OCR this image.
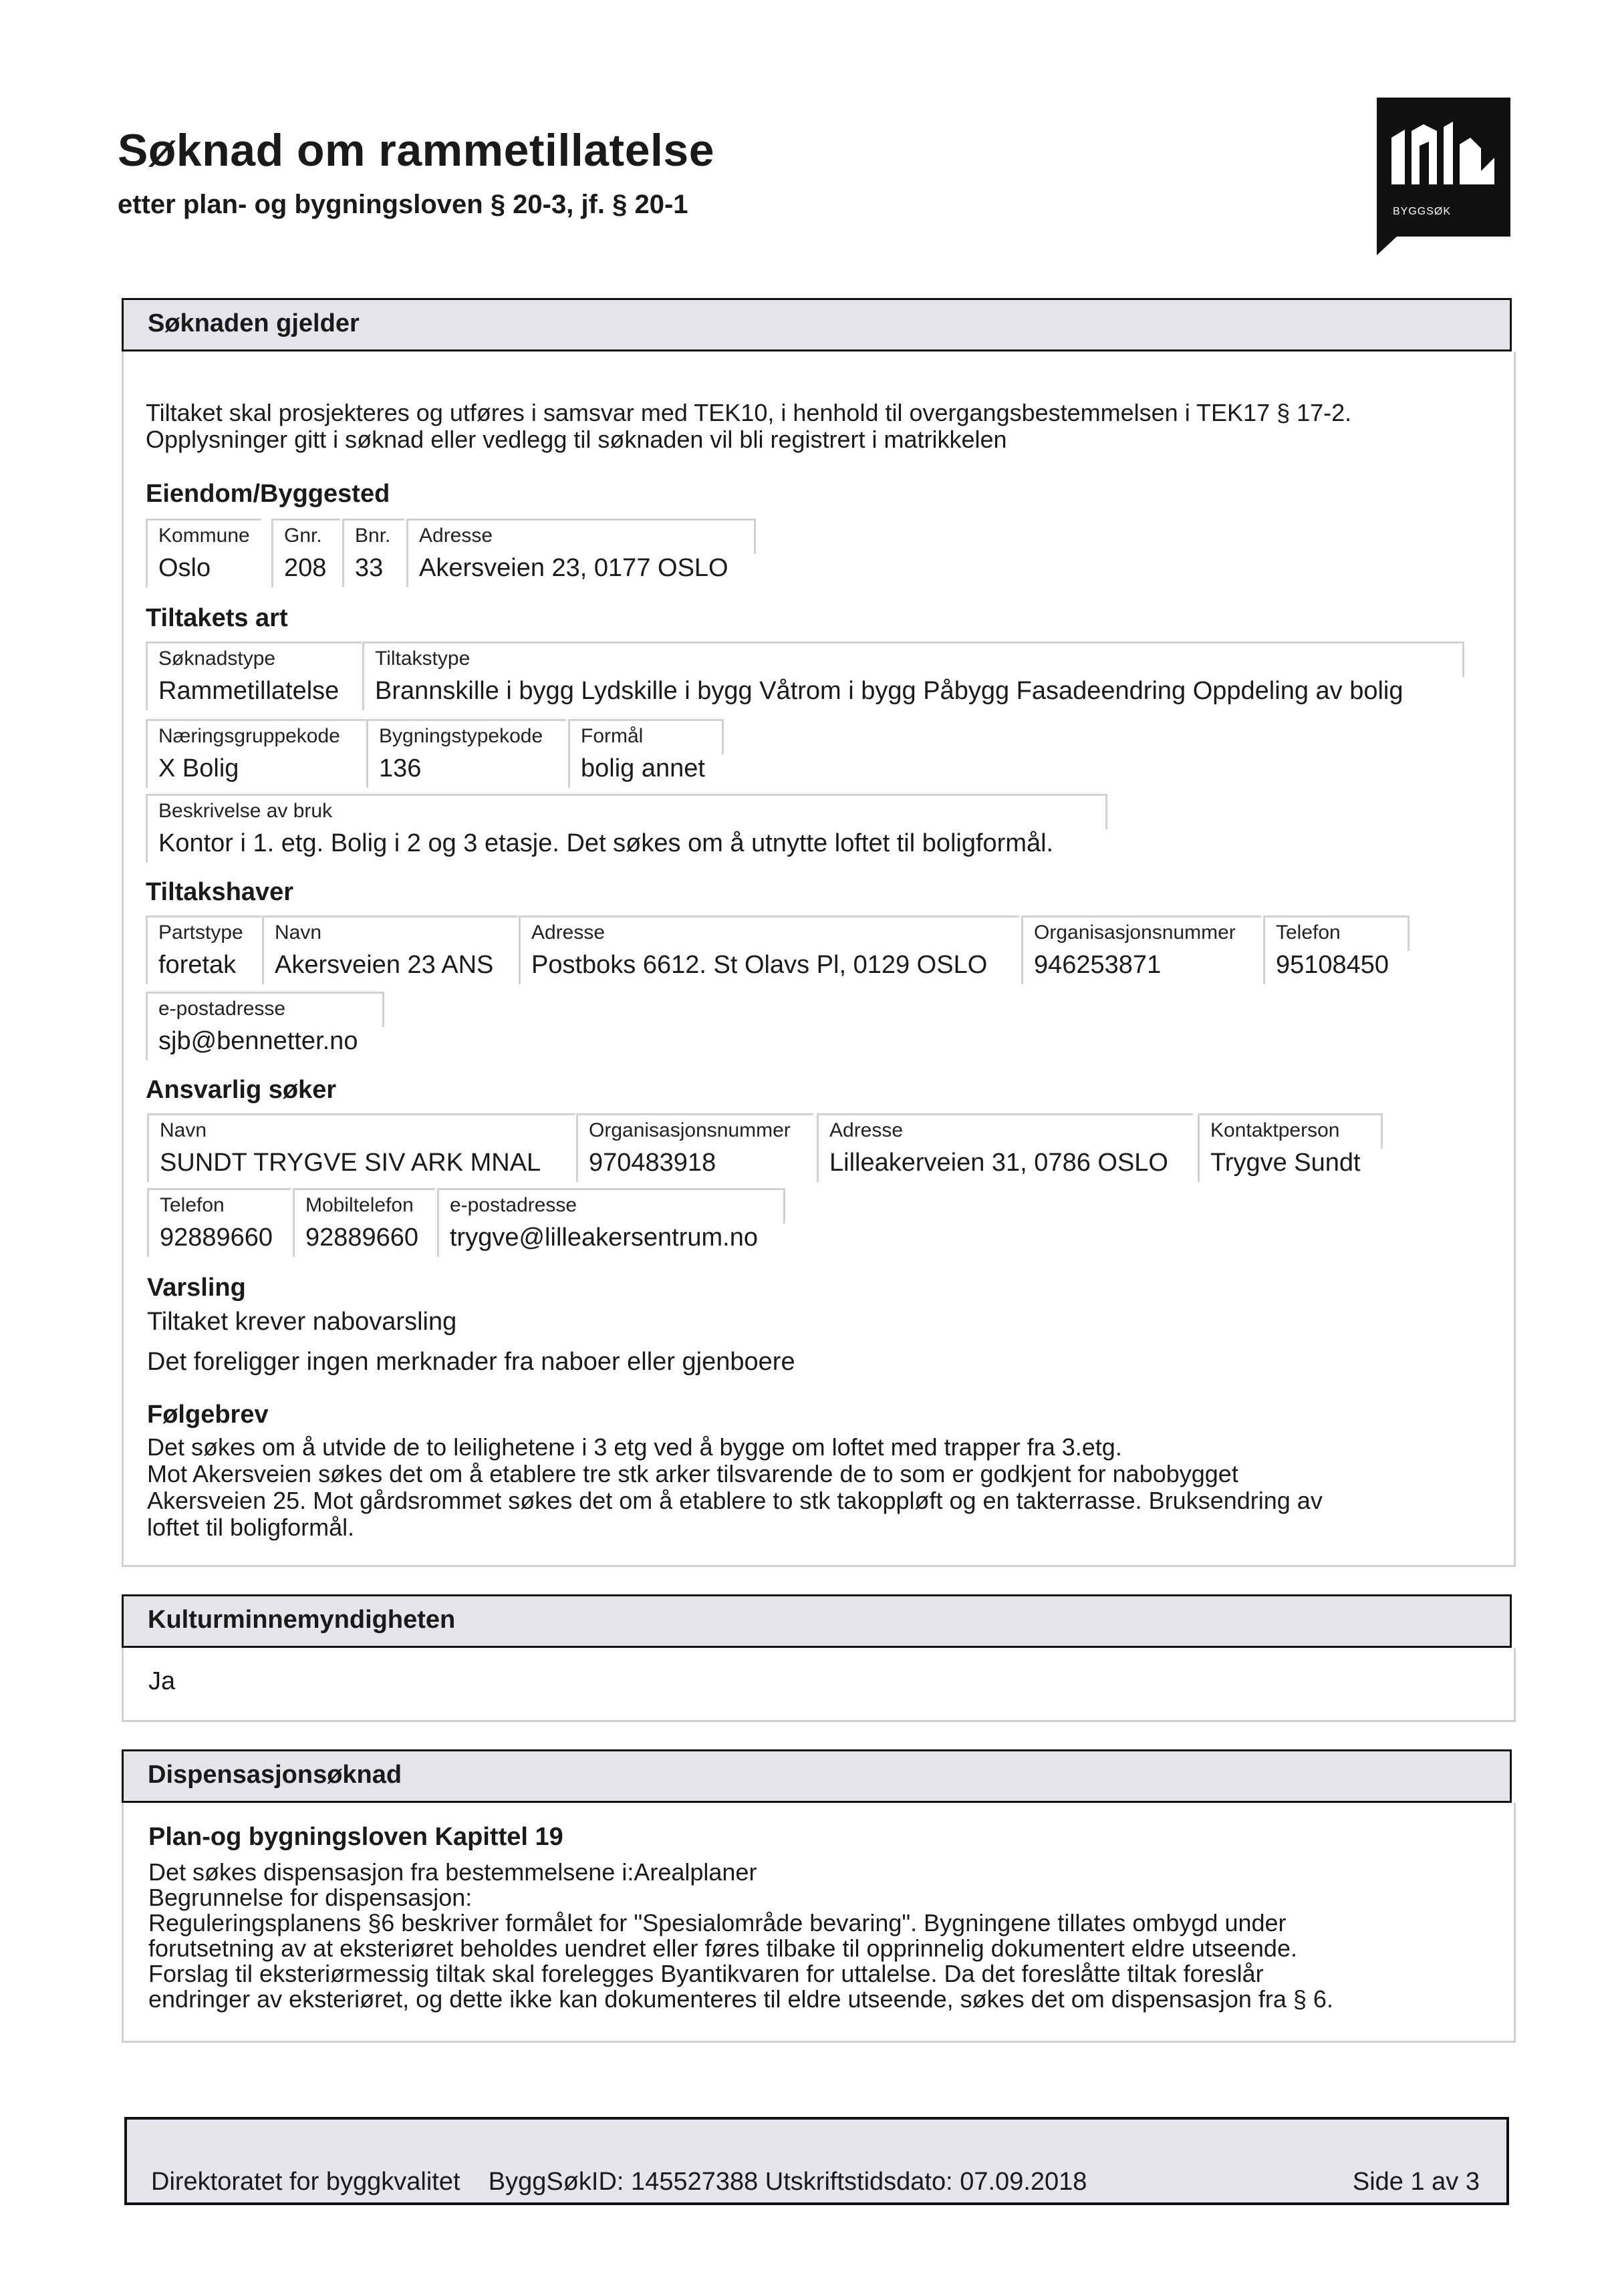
Søknad om rammetillatelse
etter plan- og bygningsloven § 20-3, jf. § 20-1	BYGGSØK
Søknaden gjelder
Tiltaket skal prosjekteres og utføres i samsvar med TEK10, i henhold til overgangsbestemmelsen i TEK17 § 17-2.
Opplysninger gitt i søknad eller vedlegg til søknaden vil bli registrert i matrikkelen
Eiendom/Byggested
Kommune
Oslo
Gnr.
208
Bnr.
33
Adresse
Akersveien 23, 0177 OSLO
Tiltakets art
Søknadstype
Rammetillatelse
Tiltakstype
Brannskille i bygg Lydskille i bygg Våtrom i bygg Påbygg Fasadeendring Oppdeling av bolig
Næringsgruppekode
X Bolig
Bygningstypekode
136
Formål
bolig annet
Beskrivelse av bruk
Kontor i 1. etg. Bolig i 2 og 3 etasje. Det søkes om å utnytte loftet til boligformål.
Tiltakshaver
Partstype
foretak
Navn
Akersveien 23 ANS
Adresse
Postboks 6612. St Olavs Pl, 0129 OSLO
Organisasjonsnummer
946253871
Telefon
95108450
e-postadresse
sjb@bennetter.no
Ansvarlig søker
Navn
SUNDT TRYGVE SIV ARK MNAL
Organisasjonsnummer
970483918
Adresse
Lilleakerveien 31, 0786 OSLO
Kontaktperson
Trygve Sundt
Telefon
92889660
Mobiltelefon
92889660
e-postadresse
trygve@lilleakersentrum.no
Varsling
Tiltaket krever nabovarsling
Det foreligger ingen merknader fra naboer eller gjenboere
Følgebrev
Det søkes om å utvide de to leilighetene i 3 etg ved å bygge om loftet med trapper fra 3.etg.
Mot Akersveien søkes det om å etablere tre stk arker tilsvarende de to som er godkjent for nabobygget
Akersveien 25. Mot gårdsrommet søkes det om å etablere to stk takoppløft og en takterrasse. Bruksendring av
loftet til boligformål.
Kulturminnemyndigheten
Ja
Dispensasjonsøknad
Plan-og bygningsloven Kapittel 19
Det søkes dispensasjon fra bestemmelsene i:Arealplaner
Begrunnelse for dispensasjon:
Reguleringsplanens §6 beskriver formålet for "Spesialområde bevaring". Bygningene tillates ombygd under
forutsetning av at eksteriøret beholdes uendret eller føres tilbake til opprinnelig dokumentert eldre utseende.
Forslag til eksteriørmessig tiltak skal forelegges Byantikvaren for uttalelse. Da det foreslåtte tiltak foreslår
endringer av eksteriøret, og dette ikke kan dokumenteres til eldre utseende, søkes det om dispensasjon fra § 6.
Direktoratet for byggkvalitet    ByggSøkID: 145527388 Utskriftstidsdato: 07.09.2018	Side 1 av 3
